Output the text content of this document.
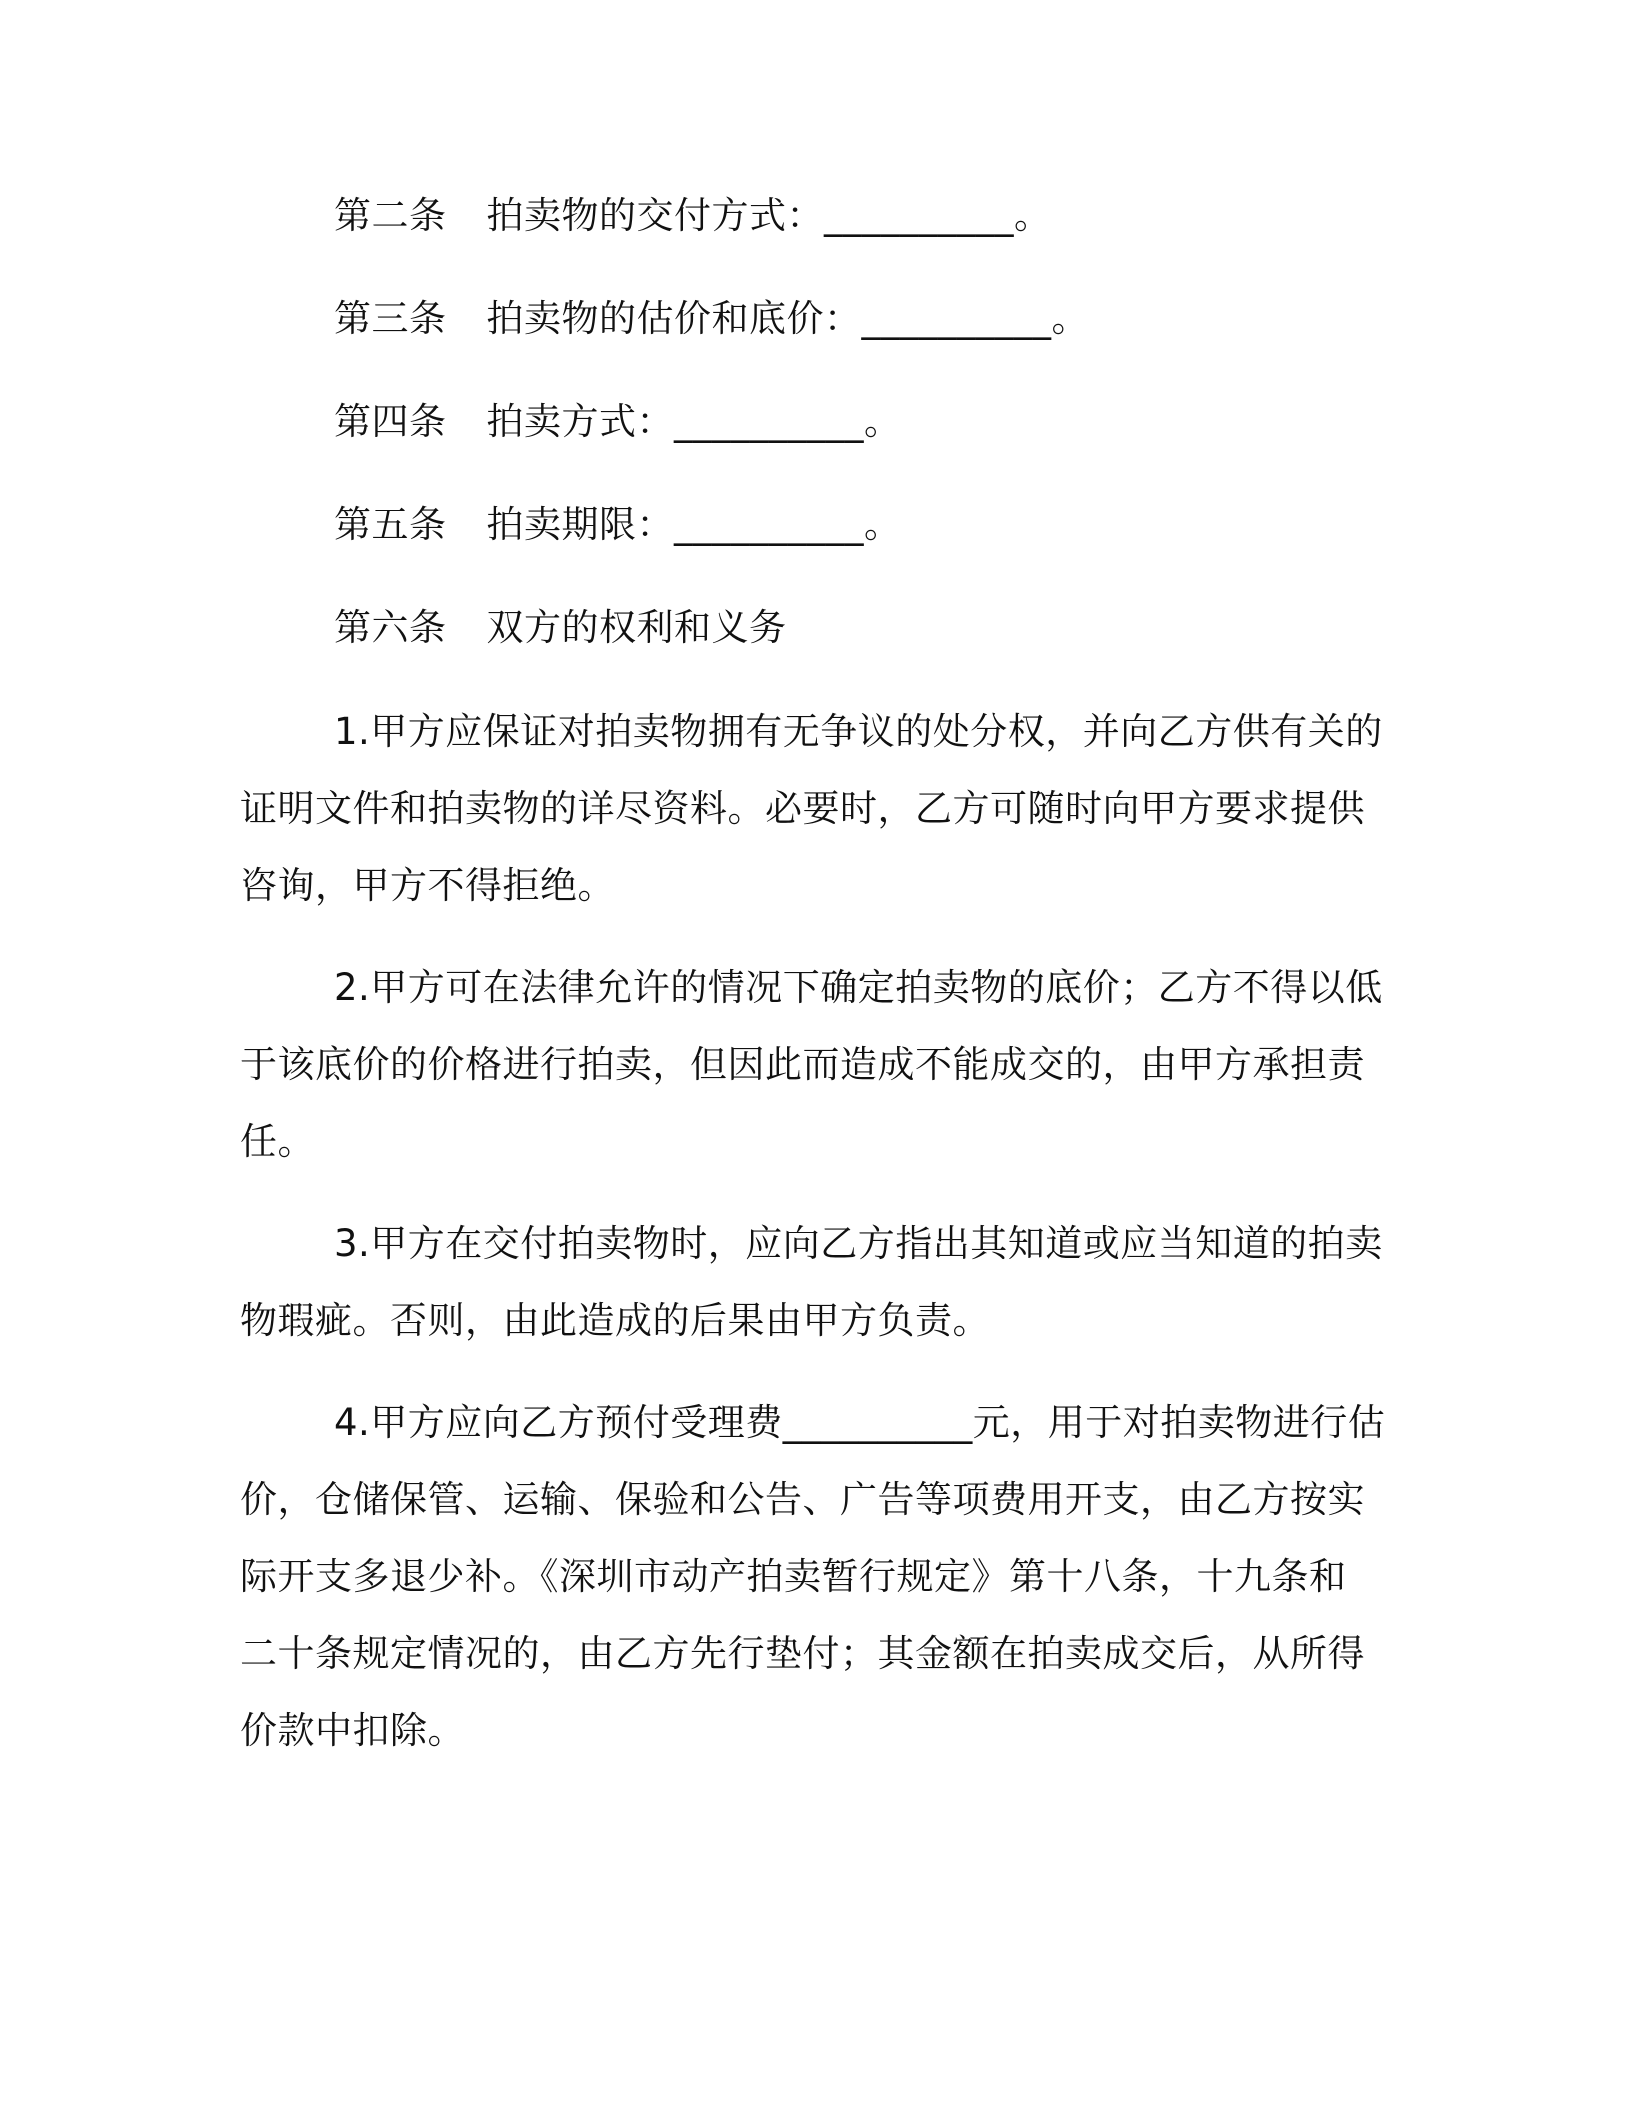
第二条 拍卖物的交付方式：__________。
第三条 拍卖物的估价和底价：__________。
第四条 拍卖方式：__________。
第五条 拍卖期限：__________。
第六条 双方的权利和义务
1.甲方应保证对拍卖物拥有无争议的处分权，并向乙方供有关的
证明文件和拍卖物的详尽资料。必要时，乙方可随时向甲方要求提供
咨询，甲方不得拒绝。
2.甲方可在法律允许的情况下确定拍卖物的底价；乙方不得以低
于该底价的价格进行拍卖，但因此而造成不能成交的，由甲方承担责
任。
3.甲方在交付拍卖物时，应向乙方指出其知道或应当知道的拍卖
物瑕疵。否则，由此造成的后果由甲方负责。
4.甲方应向乙方预付受理费__________元，用于对拍卖物进行估
价，仓储保管、运输、保验和公告、广告等项费用开支，由乙方按实
际开支多退少补。《深圳市动产拍卖暂行规定》第十八条，十九条和
二十条规定情况的，由乙方先行垫付；其金额在拍卖成交后，从所得
价款中扣除。
